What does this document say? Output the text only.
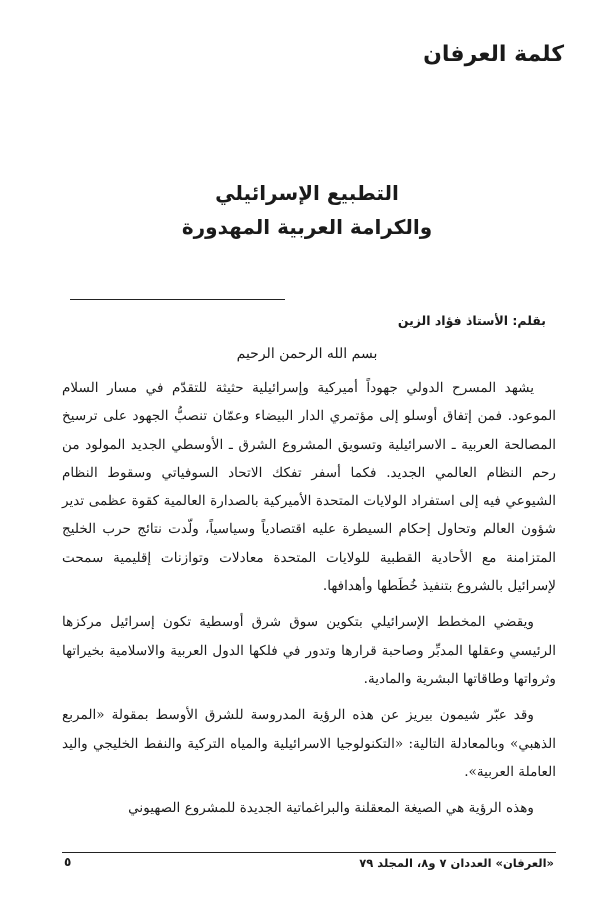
كلمة العرفان
التطبيع الإسرائيلي
والكرامة العربية المهدورة
بقلم: الأستاذ فؤاد الزين
بسم الله الرحمن الرحيم

يشهد المسرح الدولي جهوداً أميركية وإسرائيلية حثيثة للتقدّم في مسار السلام الموعود. فمن إتفاق أوسلو إلى مؤتمري الدار البيضاء وعمّان تنصبُّ الجهود على ترسيخ المصالحة العربية ـ الاسرائيلية وتسويق المشروع الشرق ـ الأوسطي الجديد المولود من رحم النظام العالمي الجديد. فكما أسفر تفكك الاتحاد السوفياتي وسقوط النظام الشيوعي فيه إلى استفراد الولايات المتحدة الأميركية بالصدارة العالمية كقوة عظمى تدير شؤون العالم وتحاول إحكام السيطرة عليه اقتصادياً وسياسياً، ولّدت نتائج حرب الخليج المتزامنة مع الأحادية القطبية للولايات المتحدة معادلات وتوازنات إقليمية سمحت لإسرائيل بالشروع بتنفيذ خُطَطها وأهدافها.

ويقضي المخطط الإسرائيلي بتكوين سوق شرق أوسطية تكون إسرائيل مركزها الرئيسي وعقلها المدبِّر وصاحبة قرارها وتدور في فلكها الدول العربية والاسلامية بخيراتها وثرواتها وطاقاتها البشرية والمادية.

وقد عبّر شيمون بيريز عن هذه الرؤية المدروسة للشرق الأوسط بمقولة «المربع الذهبي» وبالمعادلة التالية: «التكنولوجيا الاسرائيلية والمياه التركية والنفط الخليجي واليد العاملة العربية».

وهذه الرؤية هي الصيغة المعقلنة والبراغماتية الجديدة للمشروع الصهيوني

«العرفان» العددان ٧ و٨، المجلد ٧٩
٥
